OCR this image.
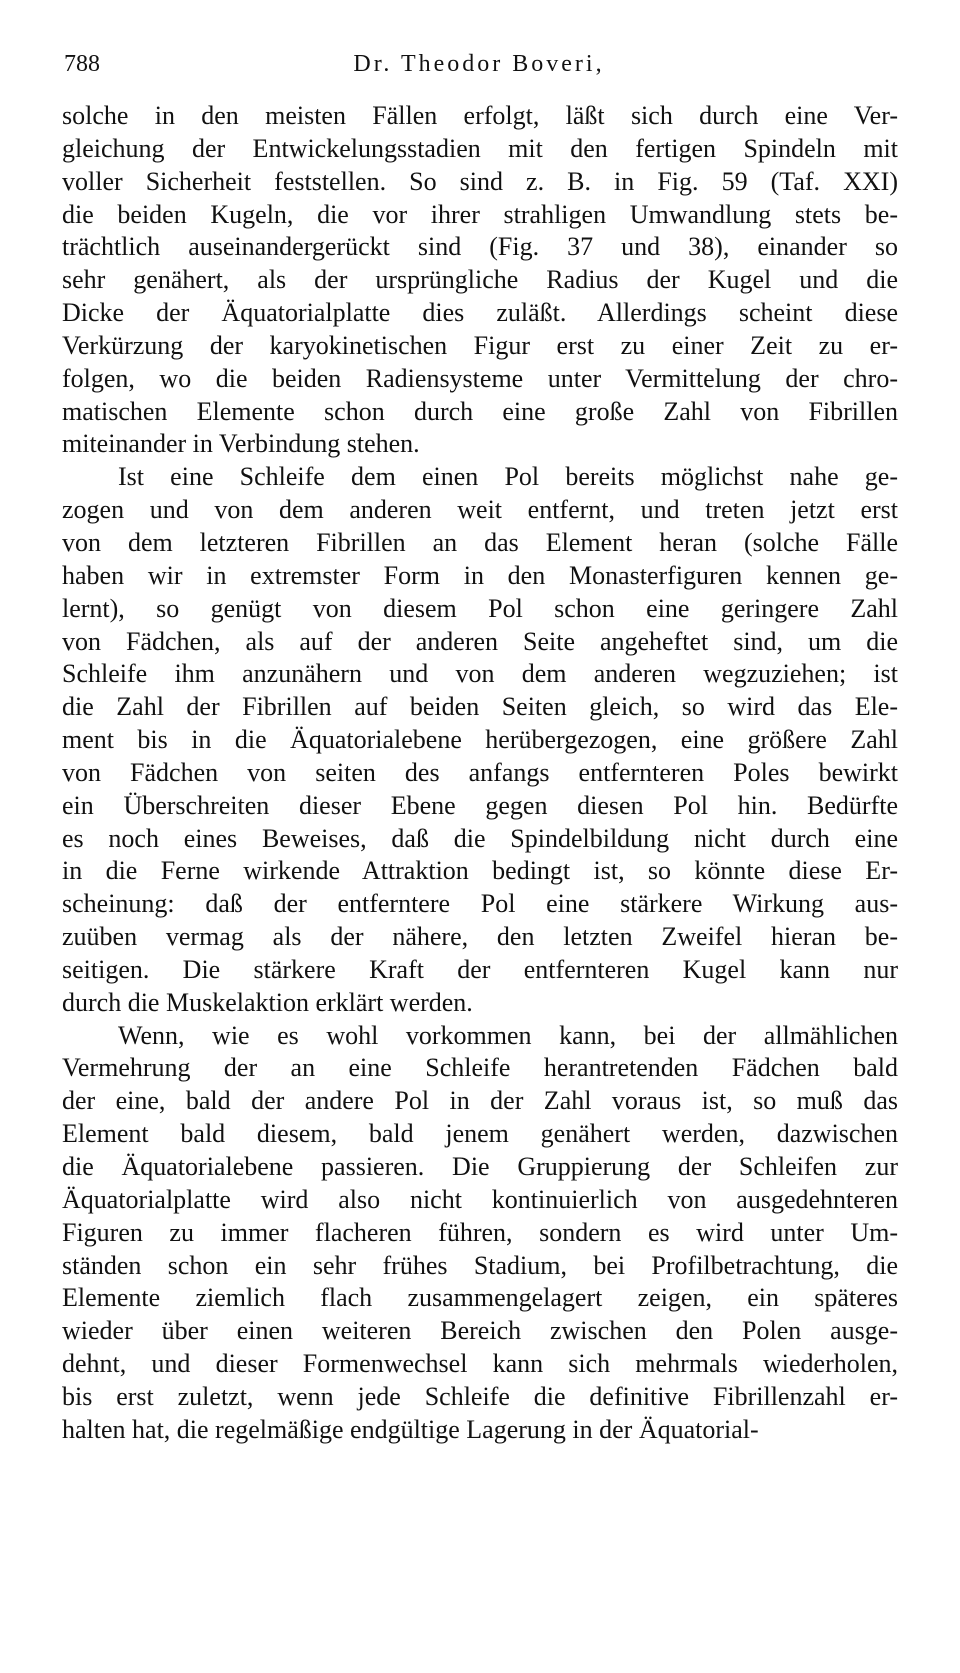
788	Dr. Theodor Boveri,
solche in den meisten Fällen erfolgt, läßt sich durch eine Ver-
gleichung der Entwickelungsstadien mit den fertigen Spindeln mit
voller Sicherheit feststellen. So sind z. B. in Fig. 59 (Taf. XXI)
die beiden Kugeln, die vor ihrer strahligen Umwandlung stets be-
trächtlich auseinandergerückt sind (Fig. 37 und 38), einander so
sehr genähert, als der ursprüngliche Radius der Kugel und die
Dicke der Äquatorialplatte dies zuläßt. Allerdings scheint diese
Verkürzung der karyokinetischen Figur erst zu einer Zeit zu er-
folgen, wo die beiden Radiensysteme unter Vermittelung der chro-
matischen Elemente schon durch eine große Zahl von Fibrillen
miteinander in Verbindung stehen.
Ist eine Schleife dem einen Pol bereits möglichst nahe ge-
zogen und von dem anderen weit entfernt, und treten jetzt erst
von dem letzteren Fibrillen an das Element heran (solche Fälle
haben wir in extremster Form in den Monasterfiguren kennen ge-
lernt), so genügt von diesem Pol schon eine geringere Zahl
von Fädchen, als auf der anderen Seite angeheftet sind, um die
Schleife ihm anzunähern und von dem anderen wegzuziehen; ist
die Zahl der Fibrillen auf beiden Seiten gleich, so wird das Ele-
ment bis in die Äquatorialebene herübergezogen, eine größere Zahl
von Fädchen von seiten des anfangs entfernteren Poles bewirkt
ein Überschreiten dieser Ebene gegen diesen Pol hin. Bedürfte
es noch eines Beweises, daß die Spindelbildung nicht durch eine
in die Ferne wirkende Attraktion bedingt ist, so könnte diese Er-
scheinung: daß der entferntere Pol eine stärkere Wirkung aus-
zuüben vermag als der nähere, den letzten Zweifel hieran be-
seitigen. Die stärkere Kraft der entfernteren Kugel kann nur
durch die Muskelaktion erklärt werden.
Wenn, wie es wohl vorkommen kann, bei der allmählichen
Vermehrung der an eine Schleife herantretenden Fädchen bald
der eine, bald der andere Pol in der Zahl voraus ist, so muß das
Element bald diesem, bald jenem genähert werden, dazwischen
die Äquatorialebene passieren. Die Gruppierung der Schleifen zur
Äquatorialplatte wird also nicht kontinuierlich von ausgedehnteren
Figuren zu immer flacheren führen, sondern es wird unter Um-
ständen schon ein sehr frühes Stadium, bei Profilbetrachtung, die
Elemente ziemlich flach zusammengelagert zeigen, ein späteres
wieder über einen weiteren Bereich zwischen den Polen ausge-
dehnt, und dieser Formenwechsel kann sich mehrmals wiederholen,
bis erst zuletzt, wenn jede Schleife die definitive Fibrillenzahl er-
halten hat, die regelmäßige endgültige Lagerung in der Äquatorial-
